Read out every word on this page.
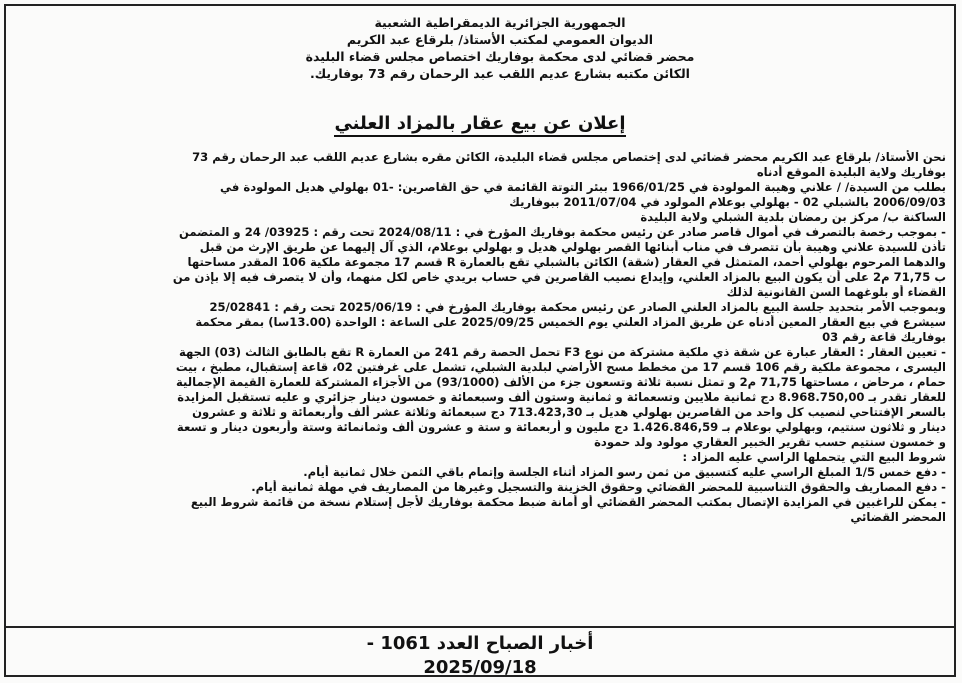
الجمهورية الجزائرية الديمقراطية الشعبية
الديوان العمومي لمكتب الأستاذ/ بلرقاع عبد الكريم
محضر قضائي لدى محكمة بوفاريك اختصاص مجلس قضاء البليدة
الكائن مكتبه بشارع عديم اللقب عبد الرحمان رقم 73 بوفاريك.
إعلان عن بيع عقار بالمزاد العلني

نحن الأستاذ/ بلرقاع عبد الكريم محضر قضائي لدى إختصاص مجلس قضاء البليدة، الكائن مقره بشارع عديم اللقب عبد الرحمان رقم 73

بوفاريك ولاية البليدة الموقع أدناه

بطلب من السيدة/ / علاني وهيبة المولودة في 1966/01/25 ببئر التوتة القائمة في حق القاصرين: -01 بهلولي هديل المولودة في

2006/09/03 بالشبلي 02 - بهلولي بوعلام المولود في 2011/07/04 ببوفاريك

الساكنة ب/ مركز بن رمضان بلدية الشبلي ولاية البليدة

- بموجب رخصة بالتصرف في أموال قاصر صادر عن رئيس محكمة بوفاريك المؤرخ في : 2024/08/11 تحت رقم : 03925/ 24 و المتضمن

تأذن للسيدة علاني وهيبة بأن تتصرف في مناب أبنائها القصر بهلولي هديل و بهلولي بوعلام، الذي آل إليهما عن طريق الإرث من قبل

والدهما المرحوم بهلولي أحمد، المتمثل في العقار (شقة) الكائن بالشبلي تقع بالعمارة R قسم 17 مجموعة ملكية 106 المقدر مساحتها

ب 71,75 م2 على أن يكون البيع بالمزاد العلني، وإيداع نصيب القاصرين في حساب بريدي خاص لكل منهما، وأن لا يتصرف فيه إلا بإذن من

القضاء أو بلوغهما السن القانونية لذلك

وبموجب الأمر بتحديد جلسة البيع بالمزاد العلني الصادر عن رئيس محكمة بوفاريك المؤرخ في : 2025/06/19 تحت رقم : 25/02841

سيشرع في بيع العقار المعين أدناه عن طريق المزاد العلني يوم الخميس 2025/09/25 على الساعة : الواحدة (13.00سا) بمقر محكمة

بوفاريك قاعة رقم 03

- تعيين العقار : العقار عبارة عن شقة ذي ملكية مشتركة من نوع F3 تحمل الحصة رقم 241 من العمارة R تقع بالطابق الثالث (03) الجهة

اليسرى ، مجموعة ملكية رقم 106 قسم 17 من مخطط مسح الأراضي لبلدية الشبلي، تشمل على غرفتين 02، قاعة إستقبال، مطبخ ، بيت

حمام ، مرحاض ، مساحتها 71,75 م2 و تمثل نسبة ثلاثة وتسعون جزء من الألف (93/1000) من الأجزاء المشتركة للعمارة القيمة الإجمالية

للعقار تقدر بـ 8.968.750,00 دج ثمانية ملايين وتسعمائة و ثمانية وستون ألف وسبعمائة و خمسون دينار جزائري و عليه تستقبل المزايدة

بالسعر الإفتتاحي لنصيب كل واحد من القاصرين بهلولي هديل بـ 713.423,30 دج سبعمائة وثلاثة عشر ألف وأربعمائة و ثلاثة و عشرون

دينار و ثلاثون سنتيم، وبهلولي بوعلام بـ 1.426.846,59 دج مليون و أربعمائة و ستة و عشرون ألف وثمانمائة وستة وأربعون دينار و تسعة

و خمسون سنتيم حسب تقرير الخبير العقاري مولود ولد حمودة

شروط البيع التي يتحملها الراسي عليه المزاد :

- دفع خمس 1/5 المبلغ الراسي عليه كتسبيق من ثمن رسو المزاد أثناء الجلسة وإتمام باقي الثمن خلال ثمانية أيام.

- دفع المصاريف والحقوق التناسبية للمحضر القضائي وحقوق الخزينة والتسجيل وغيرها من المصاريف في مهلة ثمانية أيام.

- يمكن للراغبين في المزايدة الإتصال بمكتب المحضر القضائي أو أمانة ضبط محكمة بوفاريك لأجل إستلام نسخة من قائمة شروط البيع

المحضر القضائي

أخبار الصباح العدد 1061 -
2025/09/18
